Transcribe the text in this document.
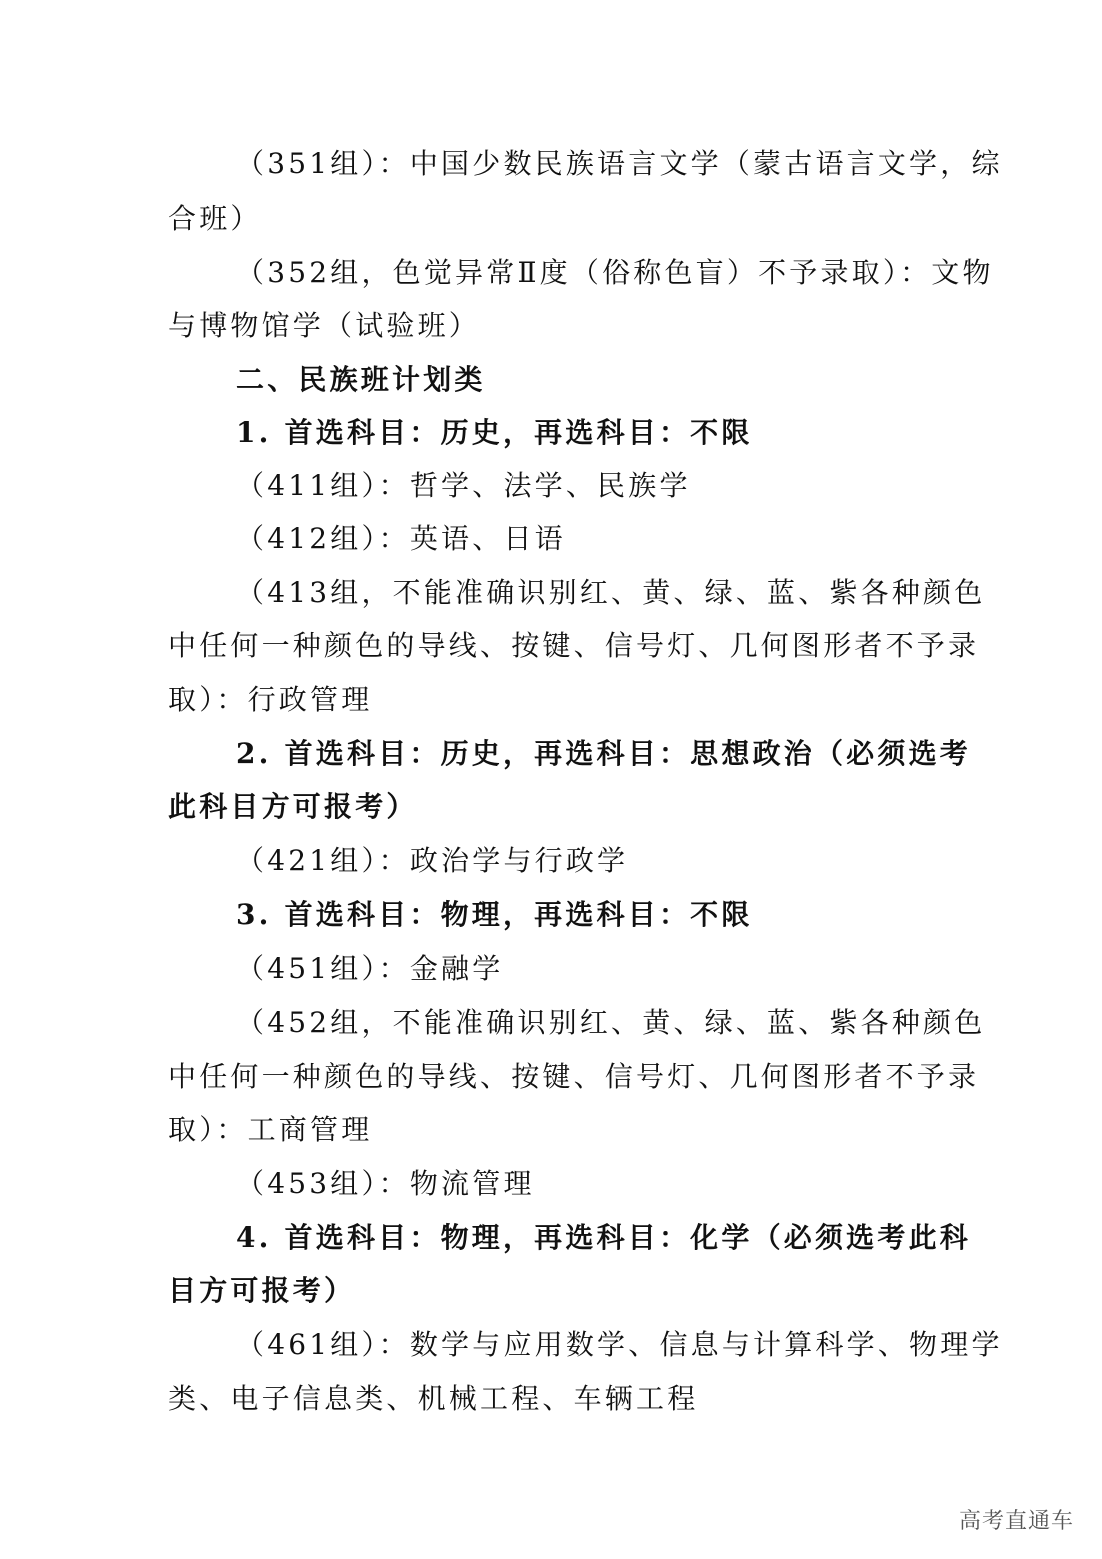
（351组）：中国少数民族语言文学（蒙古语言文学，综
合班）
（352组，色觉异常Ⅱ度（俗称色盲）不予录取）：文物
与博物馆学（试验班）
二、民族班计划类
1. 首选科目：历史，再选科目：不限
（411组）：哲学、法学、民族学
（412组）：英语、日语
（413组，不能准确识别红、黄、绿、蓝、紫各种颜色
中任何一种颜色的导线、按键、信号灯、几何图形者不予录
取）：行政管理
2. 首选科目：历史，再选科目：思想政治（必须选考
此科目方可报考）
（421组）：政治学与行政学
3. 首选科目：物理，再选科目：不限
（451组）：金融学
（452组，不能准确识别红、黄、绿、蓝、紫各种颜色
中任何一种颜色的导线、按键、信号灯、几何图形者不予录
取）：工商管理
（453组）：物流管理
4. 首选科目：物理，再选科目：化学（必须选考此科
目方可报考）
（461组）：数学与应用数学、信息与计算科学、物理学
类、电子信息类、机械工程、车辆工程
高考直通车
